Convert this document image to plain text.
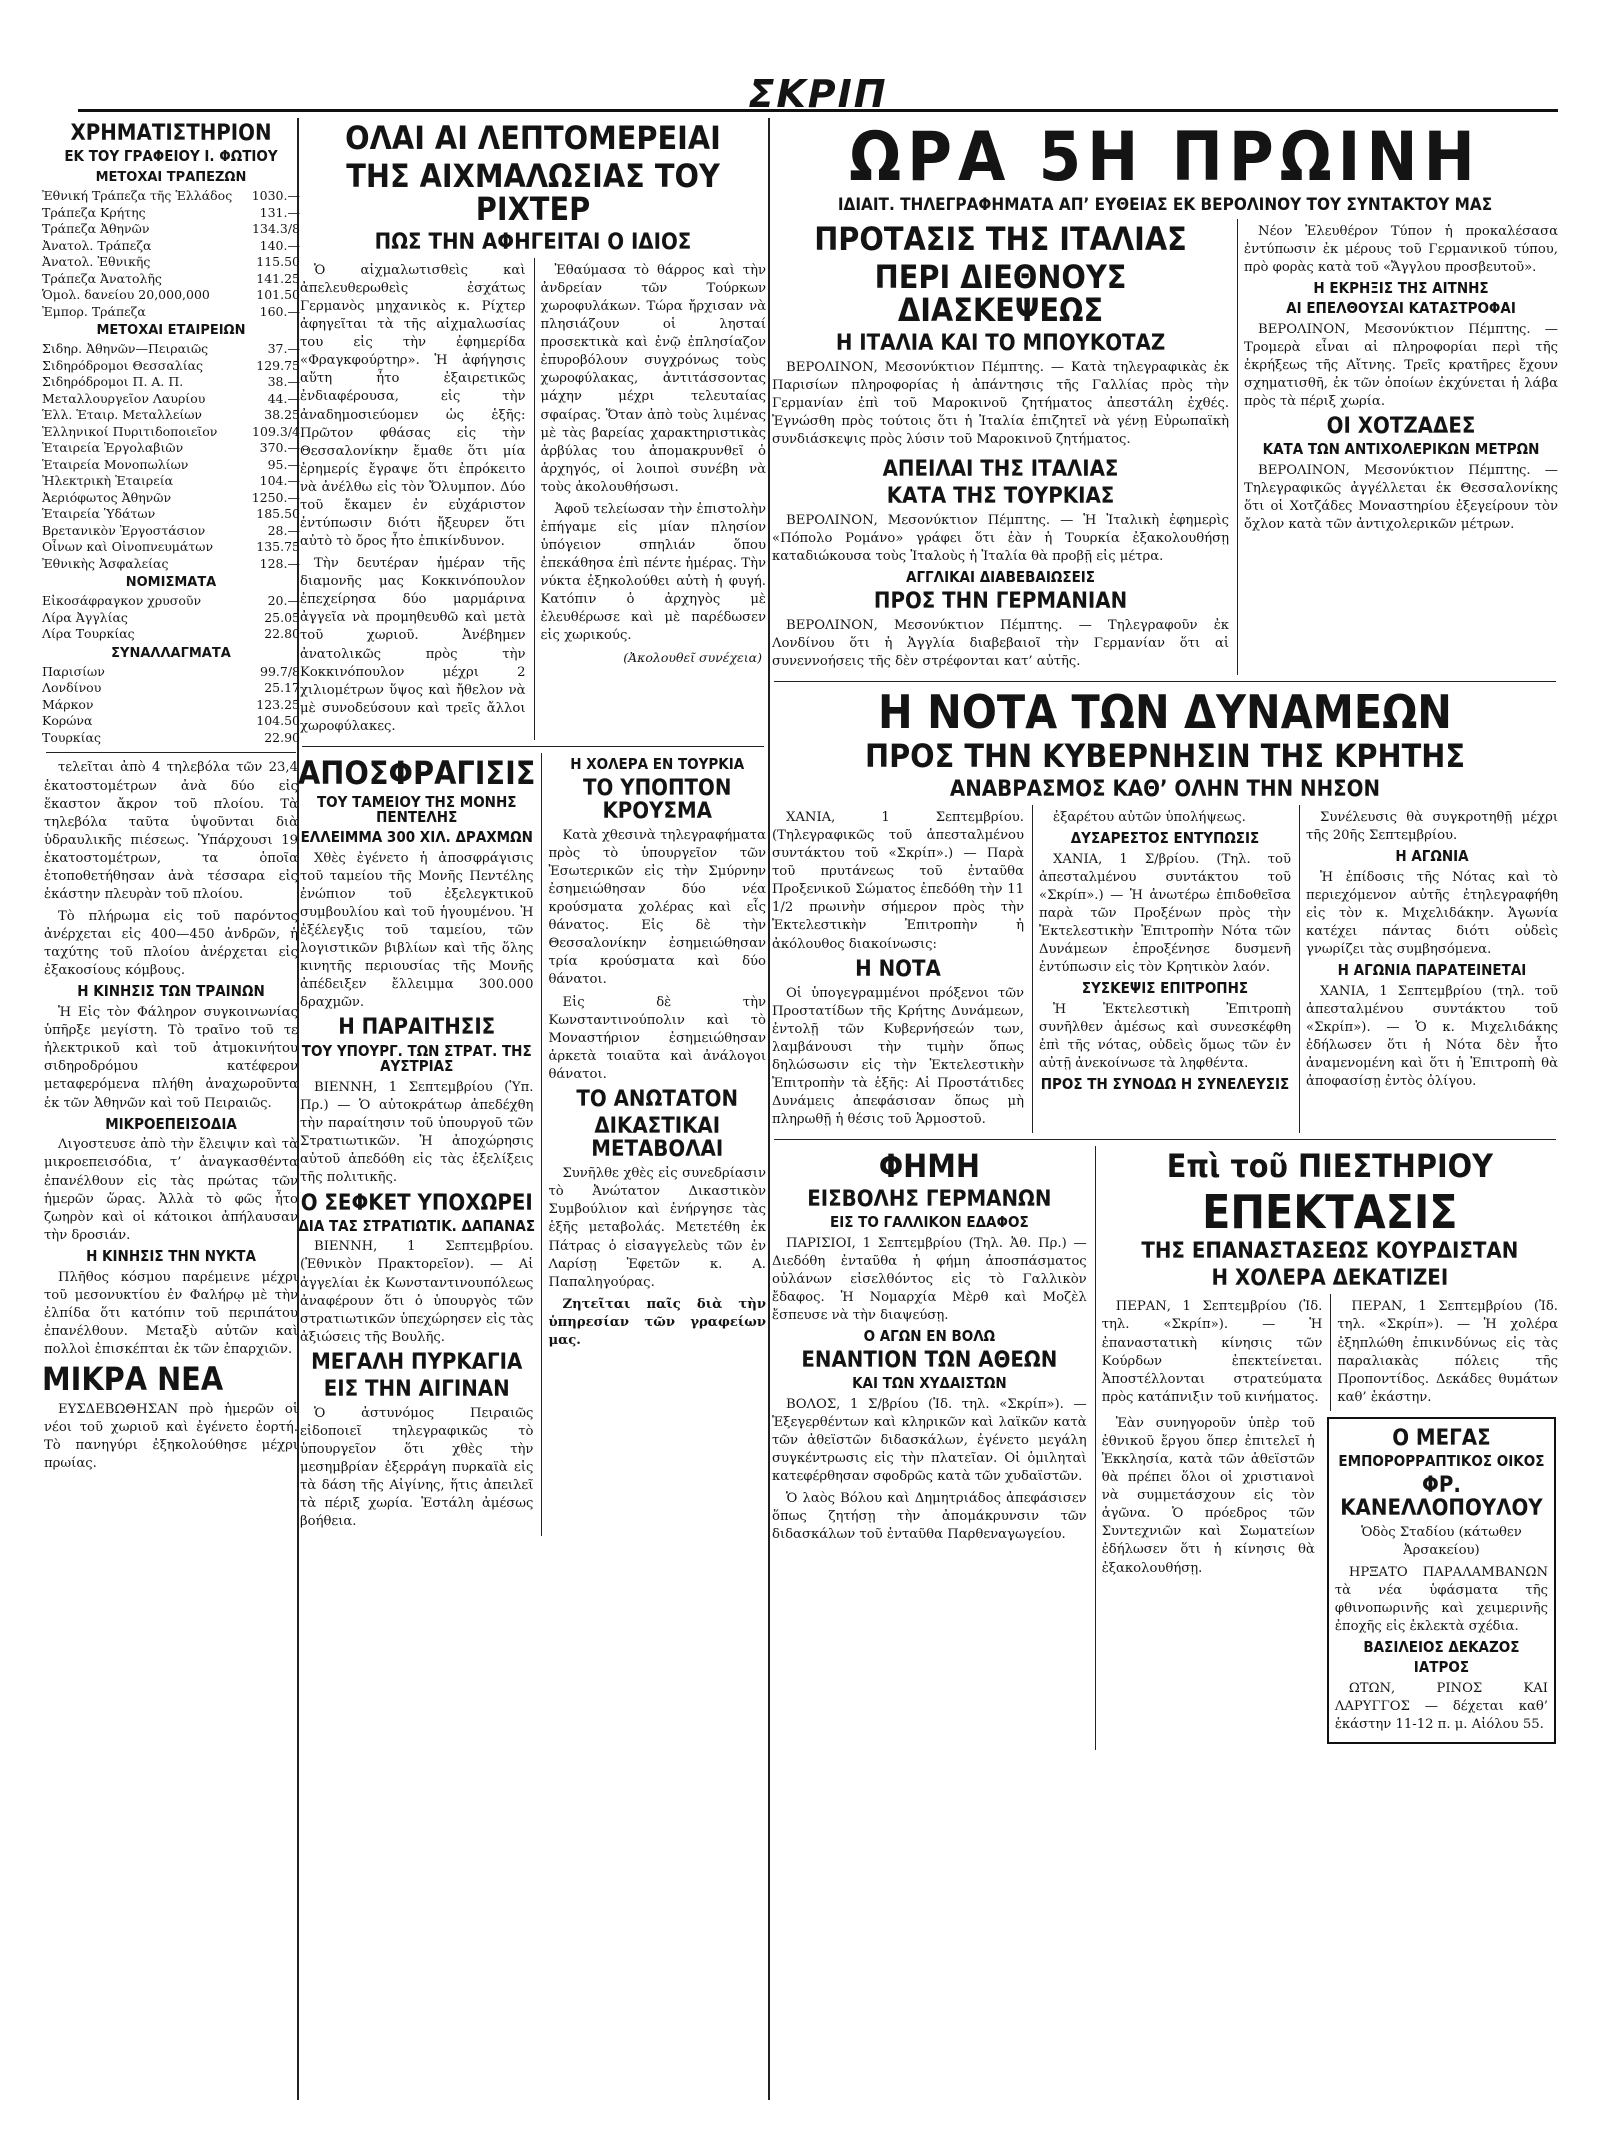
ΣΚΡΙΠ
ΧΡΗΜΑΤΙΣΤΗΡΙΟΝ
ΕΚ ΤΟΥ ΓΡΑΦΕΙΟΥ Ι. ΦΩΤΙΟΥ
ΜΕΤΟΧΑΙ ΤΡΑΠΕΖΩΝ
Ἐθνική Τράπεζα τῆς Ἑλλάδος	1030.—
Τράπεζα Κρήτης	131.—
Τράπεζα Ἀθηνῶν	134.3/8
Ἀνατολ. Τράπεζα	140.—
Ἀνατολ. Ἐθνικῆς	115.50
Τράπεζα Ἀνατολῆς	141.25
Ὁμολ. δανείου 20,000,000	101.50
Ἐμπορ. Τράπεζα	160.—
ΜΕΤΟΧΑΙ ΕΤΑΙΡΕΙΩΝ
Σιδηρ. Ἀθηνῶν—Πειραιῶς	37.—
Σιδηρόδρομοι Θεσσαλίας	129.75
Σιδηρόδρομοι Π. Α. Π.	38.—
Μεταλλουργεῖον Λαυρίου	44.—
Ἑλλ. Ἑταιρ. Μεταλλείων	38.25
Ἑλληνικοί Πυριτιδοποιεῖον	109.3/4
Ἑταιρεία Ἐργολαβιῶν	370.—
Ἑταιρεία Μονοπωλίων	95.—
Ἠλεκτρικὴ Ἑταιρεία	104.—
Ἀεριόφωτος Ἀθηνῶν	1250.—
Ἑταιρεία Ὑδάτων	185.50
Βρετανικὸν Ἐργοστάσιον	28.—
Οἶνων καὶ Οἰνοπνευμάτων	135.75
Ἐθνικὴς Ἀσφαλείας	128.—
ΝΟΜΙΣΜΑΤΑ
Εἰκοσάφραγκον χρυσοῦν	20.—
Λίρα Ἀγγλίας	25.05
Λίρα Τουρκίας	22.80
ΣΥΝΑΛΛΑΓΜΑΤΑ
Παρισίων	99.7/8
Λονδίνου	25.17
Μάρκον	123.25
Κορώνα	104.50
Τουρκίας	22.90

τελεῖται ἀπὸ 4 τηλεβόλα τῶν 23,4 ἑκατοστομέτρων ἀνὰ δύο εἰς ἕκαστον ἄκρον τοῦ πλοίου. Τὰ τηλεβόλα ταῦτα ὑψοῦνται διὰ ὑδραυλικῆς πιέσεως. Ὑπάρχουσι 19 ἑκατοστομέτρων, τα ὁποῖα ἐτοποθετήθησαν ἀνὰ τέσσαρα εἰς ἑκάστην πλευρὰν τοῦ πλοίου.

Τὸ πλήρωμα εἰς τοῦ παρόντος ἀνέρχεται εἰς 400—450 ἀνδρῶν, ἡ ταχύτης τοῦ πλοίου ἀνέρχεται εἰς ἐξακοσίους κόμβους.

Η ΚΙΝΗΣΙΣ ΤΩΝ ΤΡΑΙΝΩΝ

Ἡ Εἰς τὸν Φάληρον συγκοινωνίας ὑπῆρξε μεγίστη. Τὸ τραῖνο τοῦ τε ἠλεκτρικοῦ καὶ τοῦ ἀτμοκινήτου σιδηροδρόμου κατέφερον μεταφερόμενα πλήθη ἀναχωροῦντα ἐκ τῶν Ἀθηνῶν καὶ τοῦ Πειραιῶς.

ΜΙΚΡΟΕΠΕΙΣΟΔΙΑ

Λιγοστευσε ἀπὸ τὴν ἔλειψιν καὶ τὰ μικροεπεισόδια, τ’ ἀναγκασθέντα ἐπανέλθουν εἰς τὰς πρώτας τῶν ἡμερῶν ὥρας. Ἀλλὰ τὸ φῶς ἦτο ζωηρὸν καὶ οἱ κάτοικοι ἀπήλαυσαν τὴν δροσιάν.

Η ΚΙΝΗΣΙΣ ΤΗΝ ΝΥΚΤΑ

Πλῆθος κόσμου παρέμεινε μέχρι τοῦ μεσονυκτίου ἐν Φαλήρῳ μὲ τὴν ἐλπίδα ὅτι κατόπιν τοῦ περιπάτου ἐπανέλθουν. Μεταξὺ αὐτῶν καὶ πολλοὶ ἐπισκέπται ἐκ τῶν ἐπαρχιῶν.

ΜΙΚΡΑ ΝΕΑ

ΕΥΣΔΕΒΩΘΗΣΑΝ πρὸ ἡμερῶν οἱ νέοι τοῦ χωριοῦ καὶ ἐγένετο ἐορτή. Τὸ πανηγύρι ἐξηκολούθησε μέχρι πρωίας.

ΟΛΑΙ ΑΙ ΛΕΠΤΟΜΕΡΕΙΑΙ
ΤΗΣ ΑΙΧΜΑΛΩΣΙΑΣ ΤΟΥ ΡΙΧΤΕΡ
ΠΩΣ ΤΗΝ ΑΦΗΓΕΙΤΑΙ Ο ΙΔΙΟΣ

Ὁ αἰχμαλωτισθεὶς καὶ ἀπελευθερωθεὶς ἐσχάτως Γερμανὸς μηχανικὸς κ. Ρίχτερ ἀφηγεῖται τὰ τῆς αἰχμαλωσίας του εἰς τὴν ἐφημερίδα «Φραγκφούρτηρ». Ἡ ἀφήγησις αὕτη ἦτο ἐξαιρετικῶς ἐνδιαφέρουσα, εἰς τὴν ἀναδημοσιεύομεν ὡς ἑξῆς: Πρῶτον φθάσας εἰς τὴν Θεσσαλονίκην ἔμαθε ὅτι μία ἐρημερίς ἔγραψε ὅτι ἐπρόκειτο νὰ ἀνέλθω εἰς τὸν Ὄλυμπον. Δύο τοῦ ἔκαμεν ἐν εὐχάριστον ἐντύπωσιν διότι ἤξευρεν ὅτι αὐτὸ τὸ ὄρος ἦτο ἐπικίνδυνον.

Τὴν δευτέραν ἡμέραν τῆς διαμονῆς μας Κοκκινόπουλον ἐπεχείρησα δύο μαρμάρινα ἀγγεῖα νὰ προμηθευθῶ καὶ μετὰ τοῦ χωριοῦ. Ἀνέβημεν ἀνατολικῶς πρὸς τὴν Κοκκινόπουλον μέχρι 2 χιλιομέτρων ὕψος καὶ ἤθελον νὰ μὲ συνοδεύσουν καὶ τρεῖς ἄλλοι χωροφύλακες.

Ἐθαύμασα τὸ θάρρος καὶ τὴν ἀνδρείαν τῶν Τούρκων χωροφυλάκων. Τώρα ἤρχισαν νὰ πλησιάζουν οἱ λησταί προσεκτικὰ καὶ ἐνῷ ἐπλησίαζον ἐπυροβόλουν συγχρόνως τοὺς χωροφύλακας, ἀντιτάσσοντας μάχην μέχρι τελευταίας σφαίρας. Ὅταν ἀπὸ τοὺς λιμένας μὲ τὰς βαρείας χαρακτηριστικὰς ἀρβύλας του ἀπομακρυνθεῖ ὁ ἀρχηγός, οἱ λοιποὶ συνέβη νὰ τοὺς ἀκολουθήσωσι.

Ἀφοῦ τελείωσαν τὴν ἐπιστολὴν ἐπήγαμε εἰς μίαν πλησίον ὑπόγειον σπηλιάν ὅπου ἐπεκάθησα ἐπὶ πέντε ἡμέρας. Τὴν νύκτα ἐξηκολούθει αὐτὴ ἡ φυγή. Κατόπιν ὁ ἀρχηγὸς μὲ ἐλευθέρωσε καὶ μὲ παρέδωσεν εἰς χωρικούς.

(Ἀκολουθεῖ συνέχεια)
ΑΠΟΣΦΡΑΓΙΣΙΣ
ΤΟΥ ΤΑΜΕΙΟΥ ΤΗΣ ΜΟΝΗΣ ΠΕΝΤΕΛΗΣ
ΕΛΛΕΙΜΜΑ 300 ΧΙΛ. ΔΡΑΧΜΩΝ

Χθὲς ἐγένετο ἡ ἀποσφράγισις τοῦ ταμείου τῆς Μονῆς Πεντέλης ἐνώπιον τοῦ ἐξελεγκτικοῦ συμβουλίου καὶ τοῦ ἡγουμένου. Ἡ ἐξέλεγξις τοῦ ταμείου, τῶν λογιστικῶν βιβλίων καὶ τῆς ὅλης κινητῆς περιουσίας τῆς Μονῆς ἀπέδειξεν ἔλλειμμα 300.000 δραχμῶν.

Η ΠΑΡΑΙΤΗΣΙΣ
ΤΟΥ ΥΠΟΥΡΓ. ΤΩΝ ΣΤΡΑΤ. ΤΗΣ ΑΥΣΤΡΙΑΣ

ΒΙΕΝΝΗ, 1 Σεπτεμβρίου (Ὑπ. Πρ.) — Ὁ αὐτοκράτωρ ἀπεδέχθη τὴν παραίτησιν τοῦ ὑπουργοῦ τῶν Στρατιωτικῶν. Ἡ ἀποχώρησις αὐτοῦ ἀπεδόθη εἰς τὰς ἐξελίξεις τῆς πολιτικῆς.

Ο ΣΕΦΚΕΤ ΥΠΟΧΩΡΕΙ
ΔΙΑ ΤΑΣ ΣΤΡΑΤΙΩΤΙΚ. ΔΑΠΑΝΑΣ

ΒΙΕΝΝΗ, 1 Σεπτεμβρίου. (Ἐθνικὸν Πρακτορεῖον). — Αἱ ἀγγελίαι ἐκ Κωνσταντινουπόλεως ἀναφέρουν ὅτι ὁ ὑπουργὸς τῶν στρατιωτικῶν ὑπεχώρησεν εἰς τὰς ἀξιώσεις τῆς Βουλῆς.

ΜΕΓΑΛΗ ΠΥΡΚΑΓΙΑ
ΕΙΣ ΤΗΝ ΑΙΓΙΝΑΝ

Ὁ ἀστυνόμος Πειραιῶς εἰδοποιεῖ τηλεγραφικῶς τὸ ὑπουργεῖον ὅτι χθὲς τὴν μεσημβρίαν ἐξερράγη πυρκαϊὰ εἰς τὰ δάση τῆς Αἰγίνης, ἥτις ἀπειλεῖ τὰ πέριξ χωρία. Ἐστάλη ἀμέσως βοήθεια.

Η ΧΟΛΕΡΑ ΕΝ ΤΟΥΡΚΙΑ
ΤΟ ΥΠΟΠΤΟΝ ΚΡΟΥΣΜΑ

Κατὰ χθεσινὰ τηλεγραφήματα πρὸς τὸ ὑπουργεῖον τῶν Ἐσωτερικῶν εἰς τὴν Σμύρνην ἐσημειώθησαν δύο νέα κρούσματα χολέρας καὶ εἷς θάνατος. Εἰς δὲ τὴν Θεσσαλονίκην ἐσημειώθησαν τρία κρούσματα καὶ δύο θάνατοι.

Εἰς δὲ τὴν Κωνσταντινούπολιν καὶ τὸ Μοναστήριον ἐσημειώθησαν ἀρκετὰ τοιαῦτα καὶ ἀνάλογοι θάνατοι.

ΤΟ ΑΝΩΤΑΤΟΝ
ΔΙΚΑΣΤΙΚΑΙ ΜΕΤΑΒΟΛΑΙ

Συνῆλθε χθὲς εἰς συνεδρίασιν τὸ Ἀνώτατον Δικαστικὸν Συμβούλιον καὶ ἐνήργησε τὰς ἑξῆς μεταβολάς. Μετετέθη ἐκ Πάτρας ὁ εἰσαγγελεὺς τῶν ἐν Λαρίσῃ Ἐφετῶν κ. Α. Παπαληγούρας.

Ζητεῖται παῖς διὰ τὴν ὑπηρεσίαν τῶν γραφείων μας.

ΩΡΑ 5Η ΠΡΩΙΝΗ
ΙΔΙΑΙΤ. ΤΗΛΕΓΡΑΦΗΜΑΤΑ ΑΠ’ ΕΥΘΕΙΑΣ ΕΚ ΒΕΡΟΛΙΝΟΥ ΤΟΥ ΣΥΝΤΑΚΤΟΥ ΜΑΣ
ΠΡΟΤΑΣΙΣ ΤΗΣ ΙΤΑΛΙΑΣ
ΠΕΡΙ ΔΙΕΘΝΟΥΣ ΔΙΑΣΚΕΨΕΩΣ
Η ΙΤΑΛΙΑ ΚΑΙ ΤΟ ΜΠΟΥΚΟΤΑΖ

ΒΕΡΟΛΙΝΟΝ, Μεσονύκτιον Πέμπτης. — Κατὰ τηλεγραφικὰς ἐκ Παρισίων πληροφορίας ἡ ἀπάντησις τῆς Γαλλίας πρὸς τὴν Γερμανίαν ἐπὶ τοῦ Μαροκινοῦ ζητήματος ἀπεστάλη ἐχθές. Ἐγνώσθη πρὸς τούτοις ὅτι ἡ Ἰταλία ἐπιζητεῖ νὰ γένῃ Εὐρωπαϊκὴ συνδιάσκεψις πρὸς λύσιν τοῦ Μαροκινοῦ ζητήματος.

ΑΠΕΙΛΑΙ ΤΗΣ ΙΤΑΛΙΑΣ
ΚΑΤΑ ΤΗΣ ΤΟΥΡΚΙΑΣ

ΒΕΡΟΛΙΝΟΝ, Μεσονύκτιον Πέμπτης. — Ἡ Ἰταλικὴ ἐφημερὶς «Πόπολο Ρομάνο» γράφει ὅτι ἐὰν ἡ Τουρκία ἐξακολουθήσῃ καταδιώκουσα τοὺς Ἰταλοὺς ἡ Ἰταλία θὰ προβῇ εἰς μέτρα.

ΑΓΓΛΙΚΑΙ ΔΙΑΒΕΒΑΙΩΣΕΙΣ
ΠΡΟΣ ΤΗΝ ΓΕΡΜΑΝΙΑΝ

ΒΕΡΟΛΙΝΟΝ, Μεσονύκτιον Πέμπτης. — Τηλεγραφοῦν ἐκ Λονδίνου ὅτι ἡ Ἀγγλία διαβεβαιοῖ τὴν Γερμανίαν ὅτι αἱ συνεννοήσεις τῆς δὲν στρέφονται κατ’ αὐτῆς.

Νέον Ἐλευθέρον Τύπον ἡ προκαλέσασα ἐντύπωσιν ἐκ μέρους τοῦ Γερμανικοῦ τύπου, πρὸ φορὰς κατὰ τοῦ «Ἄγγλου προσβευτοῦ».

Η ΕΚΡΗΞΙΣ ΤΗΣ ΑΙΤΝΗΣ
ΑΙ ΕΠΕΛΘΟΥΣΑΙ ΚΑΤΑΣΤΡΟΦΑΙ

ΒΕΡΟΛΙΝΟΝ, Μεσονύκτιον Πέμπτης. — Τρομερὰ εἶναι αἱ πληροφορίαι περὶ τῆς ἐκρήξεως τῆς Αἴτνης. Τρεῖς κρατῆρες ἔχουν σχηματισθῆ, ἐκ τῶν ὁποίων ἐκχύνεται ἡ λάβα πρὸς τὰ πέριξ χωρία.

ΟΙ ΧΟΤΖΑΔΕΣ
ΚΑΤΑ ΤΩΝ ΑΝΤΙΧΟΛΕΡΙΚΩΝ ΜΕΤΡΩΝ

ΒΕΡΟΛΙΝΟΝ, Μεσονύκτιον Πέμπτης. — Τηλεγραφικῶς ἀγγέλλεται ἐκ Θεσσαλονίκης ὅτι οἱ Χοτζάδες Μοναστηρίου ἐξεγείρουν τὸν ὄχλον κατὰ τῶν ἀντιχολερικῶν μέτρων.

Η ΝΟΤΑ ΤΩΝ ΔΥΝΑΜΕΩΝ
ΠΡΟΣ ΤΗΝ ΚΥΒΕΡΝΗΣΙΝ ΤΗΣ ΚΡΗΤΗΣ
ΑΝΑΒΡΑΣΜΟΣ ΚΑΘ’ ΟΛΗΝ ΤΗΝ ΝΗΣΟΝ

ΧΑΝΙΑ, 1 Σεπτεμβρίου. (Τηλεγραφικῶς τοῦ ἀπεσταλμένου συντάκτου τοῦ «Σκρίπ».) — Παρὰ τοῦ πρυτάνεως τοῦ ἐνταῦθα Προξενικοῦ Σώματος ἐπεδόθη τὴν 11 1/2 πρωινὴν σήμερον πρὸς τὴν Ἐκτελεστικὴν Ἐπιτροπὴν ἡ ἀκόλουθος διακοίνωσις:

Η ΝΟΤΑ

Οἱ ὑπογεγραμμένοι πρόξενοι τῶν Προστατίδων τῆς Κρήτης Δυνάμεων, ἐντολῇ τῶν Κυβερνήσεών των, λαμβάνουσι τὴν τιμὴν ὅπως δηλώσωσιν εἰς τὴν Ἐκτελεστικὴν Ἐπιτροπὴν τὰ ἑξῆς: Αἱ Προστάτιδες Δυνάμεις ἀπεφάσισαν ὅπως μὴ πληρωθῇ ἡ θέσις τοῦ Ἁρμοστοῦ.

ἐξαρέτου αὐτῶν ὑπολήψεως.

ΔΥΣΑΡΕΣΤΟΣ ΕΝΤΥΠΩΣΙΣ

ΧΑΝΙΑ, 1 Σ/βρίου. (Τηλ. τοῦ ἀπεσταλμένου συντάκτου τοῦ «Σκρίπ».) — Ἡ ἀνωτέρω ἐπιδοθεῖσα παρὰ τῶν Προξένων πρὸς τὴν Ἐκτελεστικὴν Ἐπιτροπὴν Νότα τῶν Δυνάμεων ἐπροξένησε δυσμενῆ ἐντύπωσιν εἰς τὸν Κρητικὸν λαόν.

ΣΥΣΚΕΨΙΣ ΕΠΙΤΡΟΠΗΣ

Ἡ Ἐκτελεστικὴ Ἐπιτροπὴ συνῆλθεν ἀμέσως καὶ συνεσκέφθη ἐπὶ τῆς νότας, οὐδεὶς ὅμως τῶν ἐν αὐτῇ ἀνεκοίνωσε τὰ ληφθέντα.

ΠΡΟΣ ΤΗ ΣΥΝΟΔΩ Η ΣΥΝΕΛΕΥΣΙΣ

Συνέλευσις θὰ συγκροτηθῇ μέχρι τῆς 20ῆς Σεπτεμβρίου.

Η ΑΓΩΝΙΑ

Ἡ ἐπίδοσις τῆς Νότας καὶ τὸ περιεχόμενον αὐτῆς ἐτηλεγραφήθη εἰς τὸν κ. Μιχελιδάκην. Ἀγωνία κατέχει πάντας διότι οὐδεὶς γνωρίζει τὰς συμβησόμενα.

Η ΑΓΩΝΙΑ ΠΑΡΑΤΕΙΝΕΤΑΙ

ΧΑΝΙΑ, 1 Σεπτεμβρίου (τηλ. τοῦ ἀπεσταλμένου συντάκτου τοῦ «Σκρίπ»). — Ὁ κ. Μιχελιδάκης ἐδήλωσεν ὅτι ἡ Νότα δὲν ἦτο ἀναμενομένη καὶ ὅτι ἡ Ἐπιτροπὴ θὰ ἀποφασίσῃ ἐντὸς ὀλίγου.

ΦΗΜΗ
ΕΙΣΒΟΛΗΣ ΓΕΡΜΑΝΩΝ
ΕΙΣ ΤΟ ΓΑΛΛΙΚΟΝ ΕΔΑΦΟΣ

ΠΑΡΙΣΙΟΙ, 1 Σεπτεμβρίου (Τηλ. Ἀθ. Πρ.) — Διεδόθη ἐνταῦθα ἡ φήμη ἀποσπάσματος οὐλάνων εἰσελθόντος εἰς τὸ Γαλλικὸν ἔδαφος. Ἡ Νομαρχία Μὲρθ καὶ Μοζὲλ ἔσπευσε νὰ τὴν διαψεύσῃ.

Ο ΑΓΩΝ ΕΝ ΒΟΛΩ
ΕΝΑΝΤΙΟΝ ΤΩΝ ΑΘΕΩΝ
ΚΑΙ ΤΩΝ ΧΥΔΑΙΣΤΩΝ

ΒΟΛΟΣ, 1 Σ/βρίου (Ἰδ. τηλ. «Σκρίπ»). — Ἐξεγερθέντων καὶ κληρικῶν καὶ λαϊκῶν κατὰ τῶν ἀθεϊστῶν διδασκάλων, ἐγένετο μεγάλη συγκέντρωσις εἰς τὴν πλατεῖαν. Οἱ ὁμιληταὶ κατεφέρθησαν σφοδρῶς κατὰ τῶν χυδαϊστῶν.

Ὁ λαὸς Βόλου καὶ Δημητριάδος ἀπεφάσισεν ὅπως ζητήσῃ τὴν ἀπομάκρυνσιν τῶν διδασκάλων τοῦ ἐνταῦθα Παρθεναγωγείου.

Επὶ τοῦ ΠΙΕΣΤΗΡΙΟΥ
ΕΠΕΚΤΑΣΙΣ
ΤΗΣ ΕΠΑΝΑΣΤΑΣΕΩΣ ΚΟΥΡΔΙΣΤΑΝ
Η ΧΟΛΕΡΑ ΔΕΚΑΤΙΖΕΙ

ΠΕΡΑΝ, 1 Σεπτεμβρίου (Ἰδ. τηλ. «Σκρίπ»). — Ἡ ἐπαναστατικὴ κίνησις τῶν Κούρδων ἐπεκτείνεται. Ἀποστέλλονται στρατεύματα πρὸς κατάπνιξιν τοῦ κινήματος.

ΠΕΡΑΝ, 1 Σεπτεμβρίου (Ἰδ. τηλ. «Σκρίπ»). — Ἡ χολέρα ἐξηπλώθη ἐπικινδύνως εἰς τὰς παραλιακὰς πόλεις τῆς Προποντίδος. Δεκάδες θυμάτων καθ’ ἑκάστην.

Ἐὰν συνηγοροῦν ὑπὲρ τοῦ ἐθνικοῦ ἔργου ὅπερ ἐπιτελεῖ ἡ Ἐκκλησία, κατὰ τῶν ἀθεϊστῶν θὰ πρέπει ὅλοι οἱ χριστιανοὶ νὰ συμμετάσχουν εἰς τὸν ἀγῶνα. Ὁ πρόεδρος τῶν Συντεχνιῶν καὶ Σωματείων ἐδήλωσεν ὅτι ἡ κίνησις θὰ ἐξακολουθήσῃ.

Ο ΜΕΓΑΣ
ΕΜΠΟΡΟΡΡΑΠΤΙΚΟΣ ΟΙΚΟΣ
ΦΡ. ΚΑΝΕΛΛΟΠΟΥΛΟΥ
Ὁδὸς Σταδίου (κάτωθεν Ἀρσακείου)

ΗΡΞΑΤΟ ΠΑΡΑΛΑΜΒΑΝΩΝ τὰ νέα ὑφάσματα τῆς φθινοπωρινῆς καὶ χειμερινῆς ἐποχῆς εἰς ἐκλεκτὰ σχέδια.

ΒΑΣΙΛΕΙΟΣ ΔΕΚΑΖΟΣ
ΙΑΤΡΟΣ

ΩΤΩΝ, ΡΙΝΟΣ ΚΑΙ ΛΑΡΥΓΓΟΣ — δέχεται καθ’ ἑκάστην 11-12 π. μ. Αἰόλου 55.
